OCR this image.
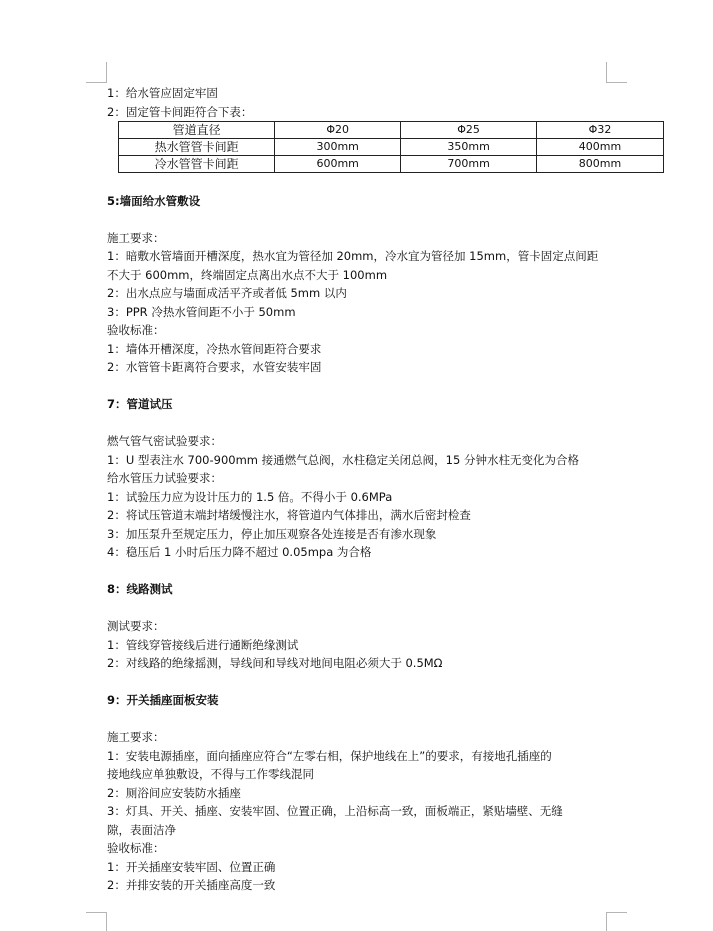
1：给水管应固定牢固
2：固定管卡间距符合下表：
管道直径	Φ20	Φ25	Φ32
热水管管卡间距	300mm	350mm	400mm
冷水管管卡间距	600mm	700mm	800mm
5:墙面给水管敷设
施工要求：
1：暗敷水管墙面开槽深度，热水宜为管径加 20mm，冷水宜为管径加 15mm，管卡固定点间距
不大于 600mm，终端固定点离出水点不大于 100mm
2：出水点应与墙面成活平齐或者低 5mm 以内
3：PPR 冷热水管间距不小于 50mm
验收标准：
1：墙体开槽深度，冷热水管间距符合要求
2：水管管卡距离符合要求，水管安装牢固
7：管道试压
燃气管气密试验要求：
1：U 型表注水 700-900mm 接通燃气总阀，水柱稳定关闭总阀，15 分钟水柱无变化为合格
给水管压力试验要求：
1：试验压力应为设计压力的 1.5 倍。不得小于 0.6MPa
2：将试压管道末端封堵缓慢注水，将管道内气体排出，满水后密封检查
3：加压泵升至规定压力，停止加压观察各处连接是否有渗水现象
4：稳压后 1 小时后压力降不超过 0.05mpa 为合格
8：线路测试
测试要求：
1：管线穿管接线后进行通断绝缘测试
2：对线路的绝缘摇测，导线间和导线对地间电阻必须大于 0.5MΩ
9：开关插座面板安装
施工要求：
1：安装电源插座，面向插座应符合“左零右相，保护地线在上”的要求，有接地孔插座的
接地线应单独敷设，不得与工作零线混同
2：厕浴间应安装防水插座
3：灯具、开关、插座、安装牢固、位置正确，上沿标高一致，面板端正，紧贴墙壁、无缝
隙，表面洁净
验收标准：
1：开关插座安装牢固、位置正确
2：并排安装的开关插座高度一致
